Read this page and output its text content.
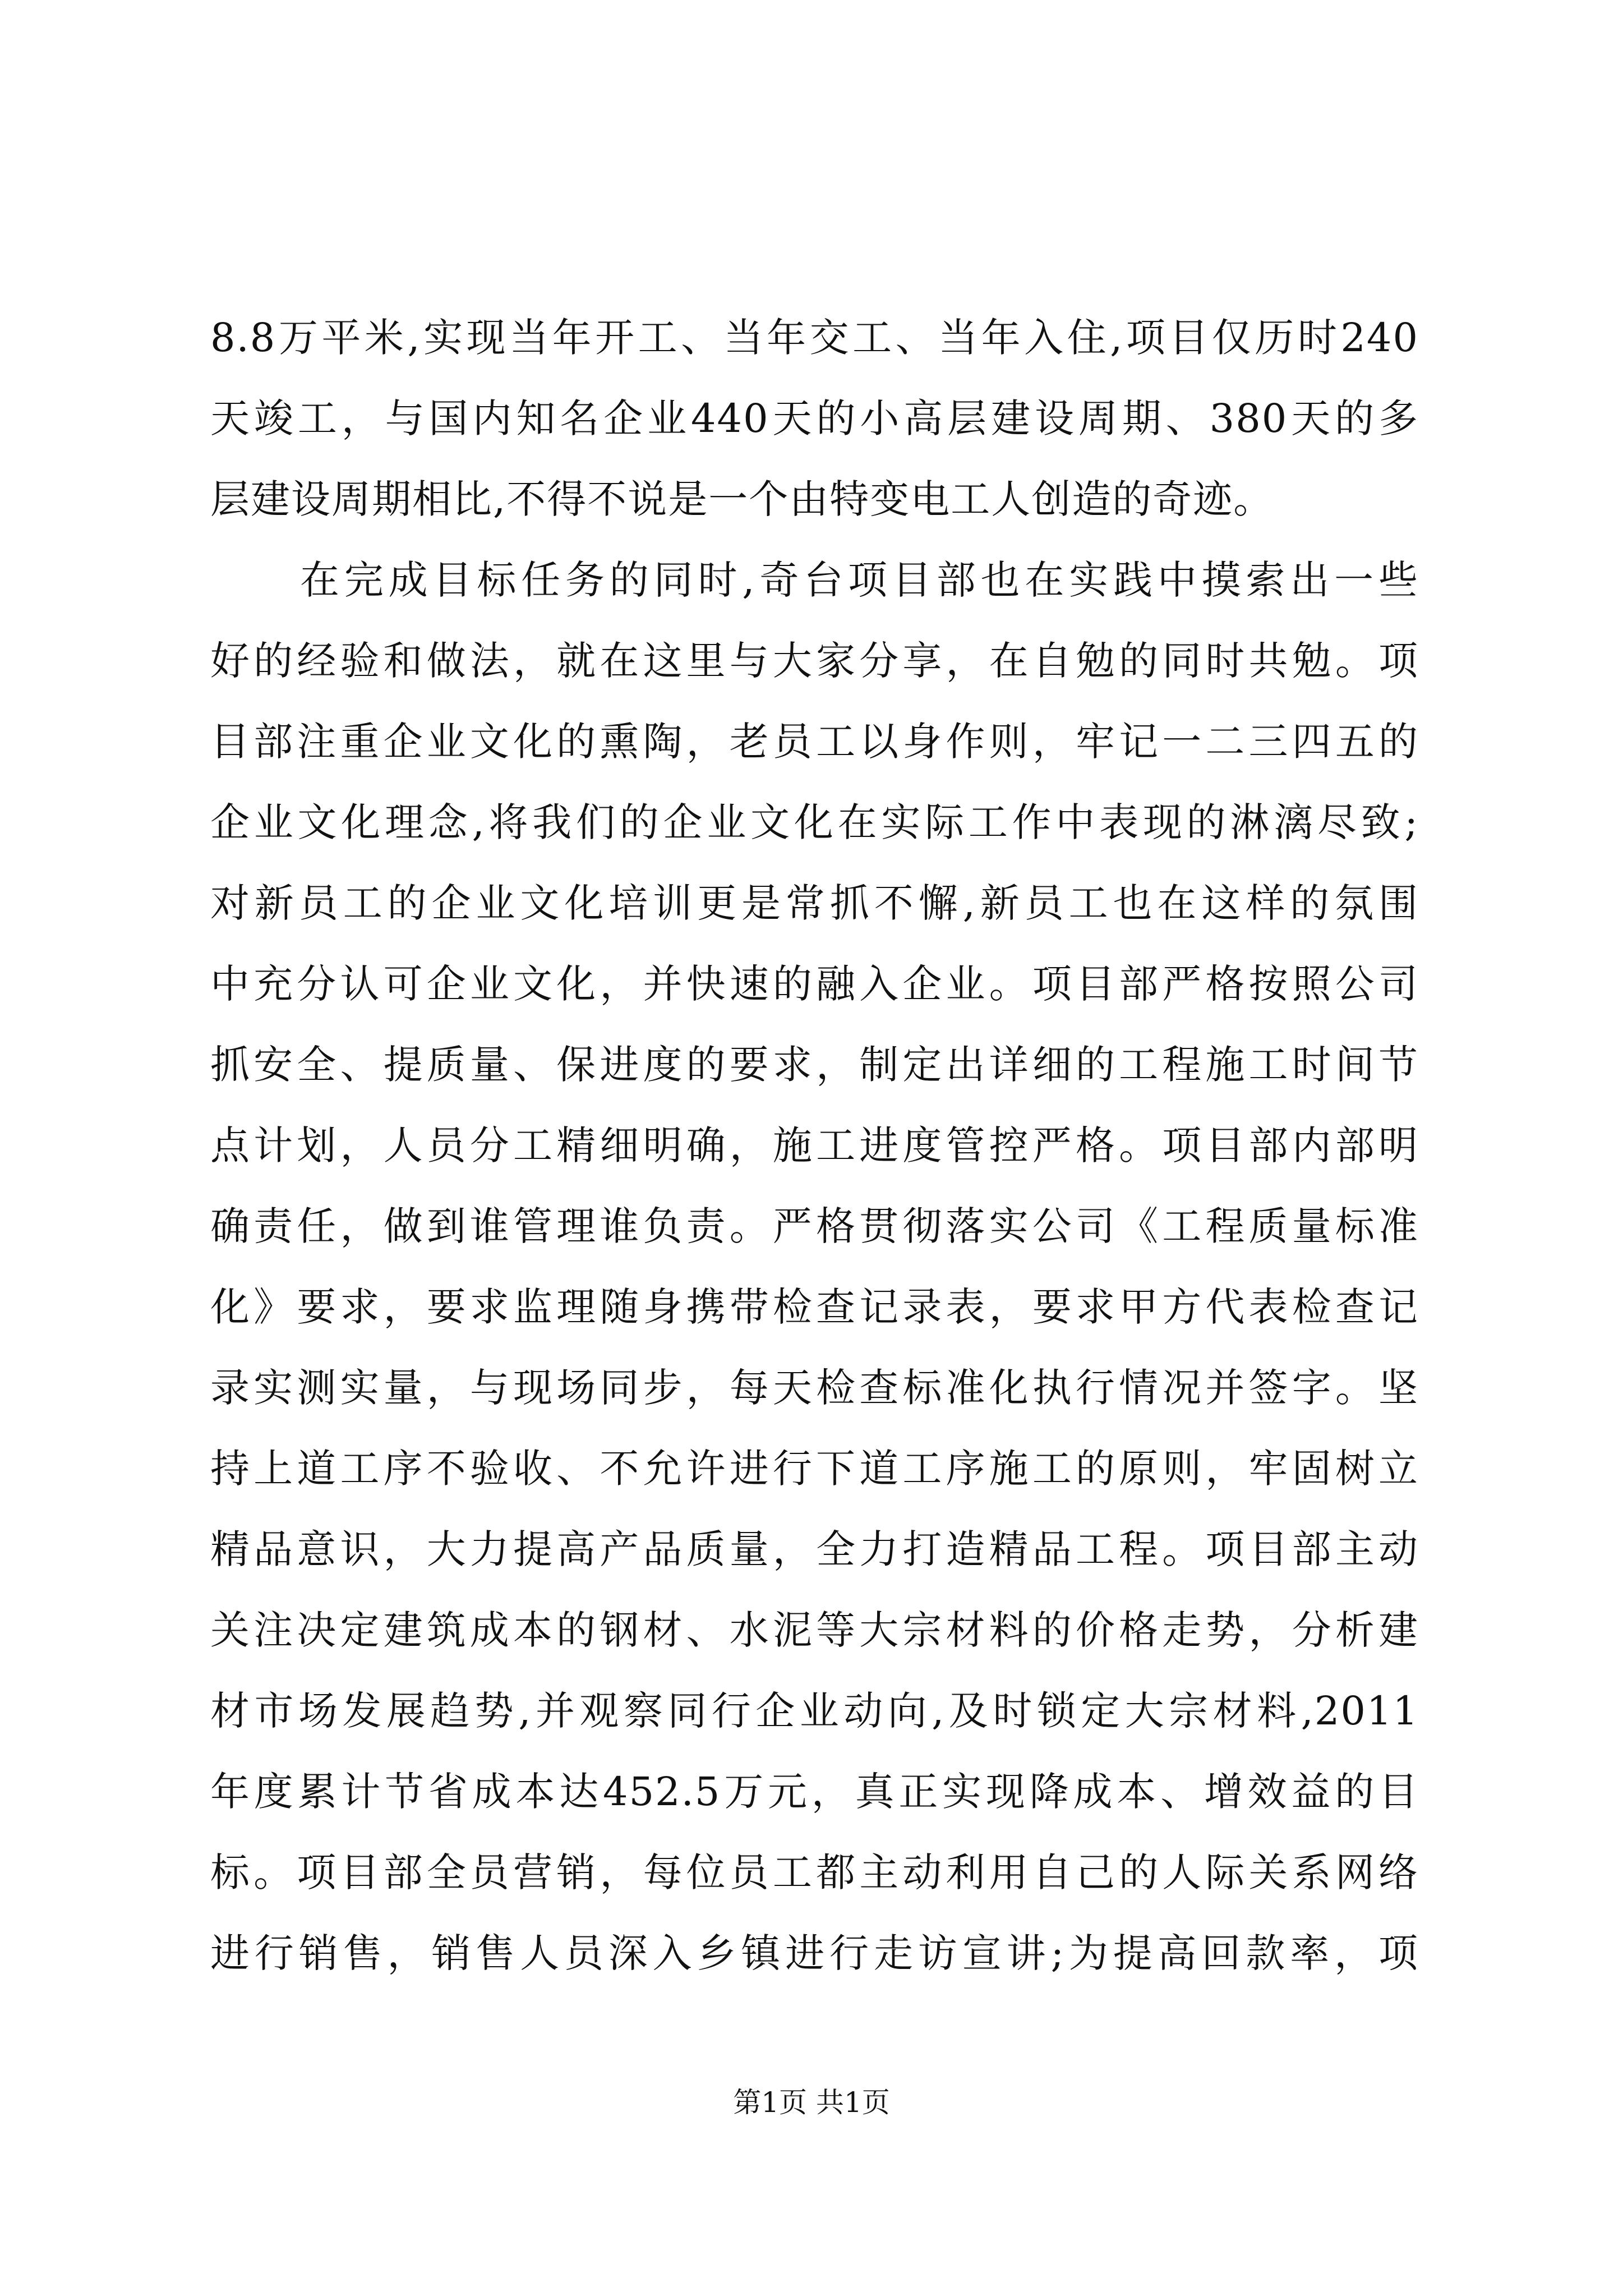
8.8万平米,实现当年开工、当年交工、当年入住,项目仅历时240
天竣工，与国内知名企业440天的小高层建设周期、380天的多
层建设周期相比,不得不说是一个由特变电工人创造的奇迹。
在完成目标任务的同时,奇台项目部也在实践中摸索出一些
好的经验和做法，就在这里与大家分享，在自勉的同时共勉。项
目部注重企业文化的熏陶，老员工以身作则，牢记一二三四五的
企业文化理念,将我们的企业文化在实际工作中表现的淋漓尽致;
对新员工的企业文化培训更是常抓不懈,新员工也在这样的氛围
中充分认可企业文化，并快速的融入企业。项目部严格按照公司
抓安全、提质量、保进度的要求，制定出详细的工程施工时间节
点计划，人员分工精细明确，施工进度管控严格。项目部内部明
确责任，做到谁管理谁负责。严格贯彻落实公司《工程质量标准
化》要求，要求监理随身携带检查记录表，要求甲方代表检查记
录实测实量，与现场同步，每天检查标准化执行情况并签字。坚
持上道工序不验收、不允许进行下道工序施工的原则，牢固树立
精品意识，大力提高产品质量，全力打造精品工程。项目部主动
关注决定建筑成本的钢材、水泥等大宗材料的价格走势，分析建
材市场发展趋势,并观察同行企业动向,及时锁定大宗材料,2011
年度累计节省成本达452.5万元，真正实现降成本、增效益的目
标。项目部全员营销，每位员工都主动利用自己的人际关系网络
进行销售，销售人员深入乡镇进行走访宣讲;为提高回款率，项
第1页 共1页
